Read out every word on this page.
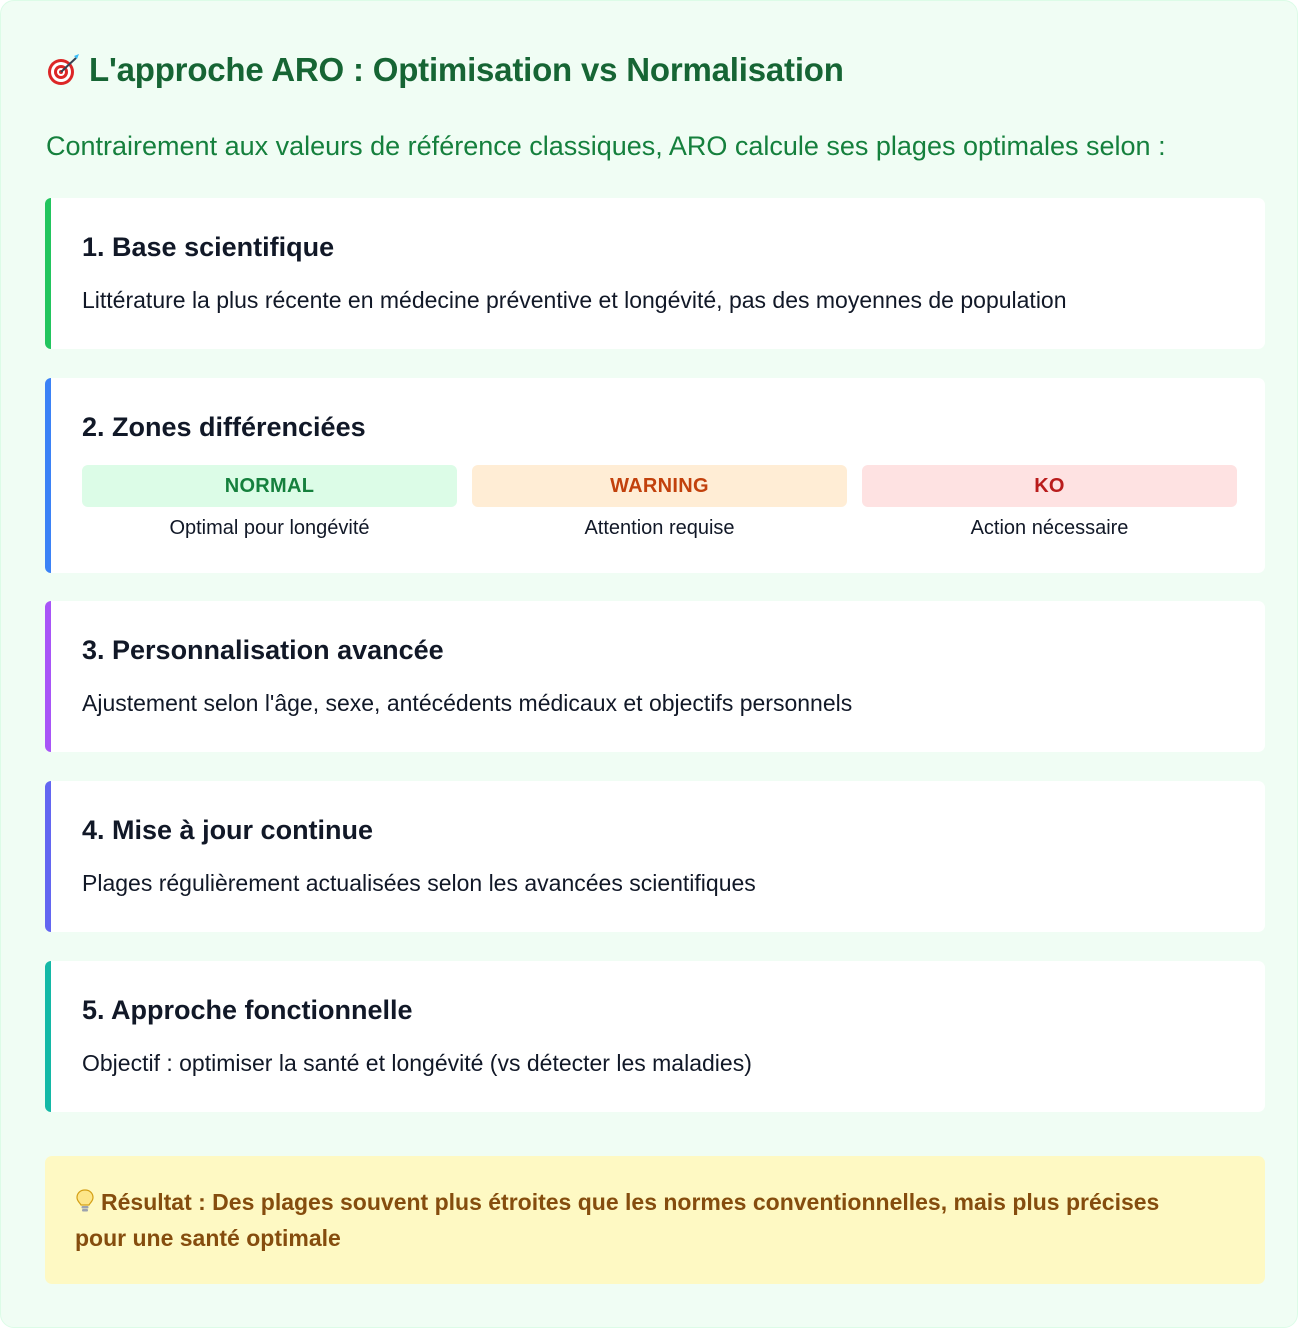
L'approche ARO : Optimisation vs Normalisation
Contrairement aux valeurs de référence classiques, ARO calcule ses plages optimales selon :
1. Base scientifique

Littérature la plus récente en médecine préventive et longévité, pas des moyennes de population

2. Zones différenciées
NORMAL
Optimal pour longévité
WARNING
Attention requise
KO
Action nécessaire
3. Personnalisation avancée

Ajustement selon l'âge, sexe, antécédents médicaux et objectifs personnels

4. Mise à jour continue

Plages régulièrement actualisées selon les avancées scientifiques

5. Approche fonctionnelle

Objectif : optimiser la santé et longévité (vs détecter les maladies)

Résultat : Des plages souvent plus étroites que les normes conventionnelles, mais plus précises pour une santé optimale
